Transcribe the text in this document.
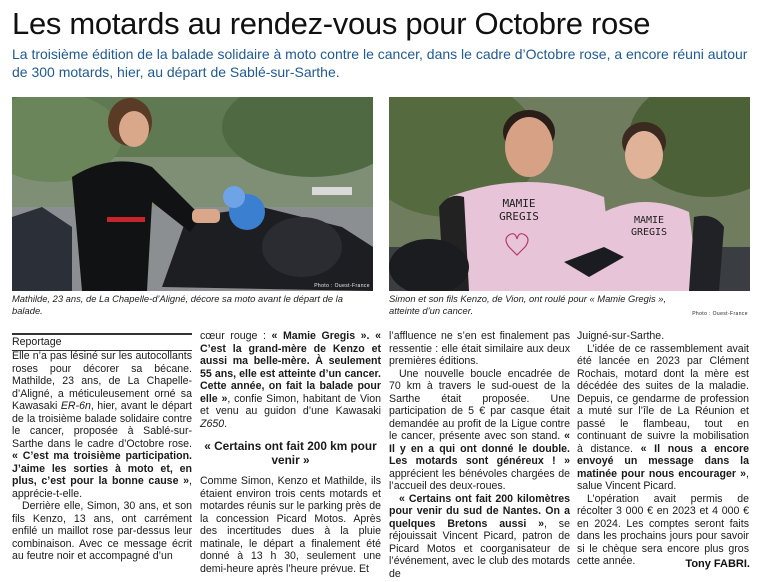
Les motards au rendez-vous pour Octobre rose

La troisième édition de la balade solidaire à moto contre le cancer, dans le cadre d’Octobre rose, a encore réuni autour de 300 motards, hier, au départ de Sablé-sur-Sarthe.

Photo : Ouest-France

Mathilde, 23 ans, de La Chapelle-d’Aligné, décore sa moto avant le départ de la balade.

MAMIE GREGIS	MAMIE GREGIS

Simon et son fils Kenzo, de Vion, ont roulé pour « Mamie Gregis », atteinte d’un cancer.	Photo : Ouest-France
Reportage

Elle n’a pas lésiné sur les autocollants roses pour décorer sa bécane. Mathilde, 23 ans, de La Chapelle-d’Aligné, a méticuleusement orné sa Kawasaki ER-6n, hier, avant le départ de la troisième balade solidaire contre le cancer, proposée à Sablé-sur-Sarthe dans le cadre d’Octobre rose. « C’est ma troisième participation. J’aime les sorties à moto et, en plus, c’est pour la bonne cause », apprécie-t-elle.

Derrière elle, Simon, 30 ans, et son fils Kenzo, 13 ans, ont carrément enfilé un maillot rose par-dessus leur combinaison. Avec ce message écrit au feutre noir et accompagné d’un

cœur rouge : « Mamie Gregis ». « C’est la grand-mère de Kenzo et aussi ma belle-mère. À seulement 55 ans, elle est atteinte d’un cancer. Cette année, on fait la balade pour elle », confie Simon, habitant de Vion et venu au guidon d’une Kawasaki Z650.

« Certains ont fait 200 km pour venir »

Comme Simon, Kenzo et Mathilde, ils étaient environ trois cents motards et motardes réunis sur le parking près de la concession Picard Motos. Après des incertitudes dues à la pluie matinale, le départ a finalement été donné à 13 h 30, seulement une demi-heure après l’heure prévue. Et

l’affluence ne s’en est finalement pas ressentie : elle était similaire aux deux premières éditions.

Une nouvelle boucle encadrée de 70 km à travers le sud-ouest de la Sarthe était proposée. Une participation de 5 € par casque était demandée au profit de la Ligue contre le cancer, présente avec son stand. « Il y en a qui ont donné le double. Les motards sont généreux ! » apprécient les bénévoles chargées de l’accueil des deux-roues.

« Certains ont fait 200 kilomètres pour venir du sud de Nantes. On a quelques Bretons aussi », se réjouissait Vincent Picard, patron de Picard Motos et coorganisateur de l’événement, avec le club des motards de

Juigné-sur-Sarthe.

L’idée de ce rassemblement avait été lancée en 2023 par Clément Rochais, motard dont la mère est décédée des suites de la maladie. Depuis, ce gendarme de profession a muté sur l’île de La Réunion et passé le flambeau, tout en continuant de suivre la mobilisation à distance. « Il nous a encore envoyé un message dans la matinée pour nous encourager », salue Vincent Picard.

L’opération avait permis de récolter 3 000 € en 2023 et 4 000 € en 2024. Les comptes seront faits dans les prochains jours pour savoir si le chèque sera encore plus gros cette année.	Tony FABRI.
